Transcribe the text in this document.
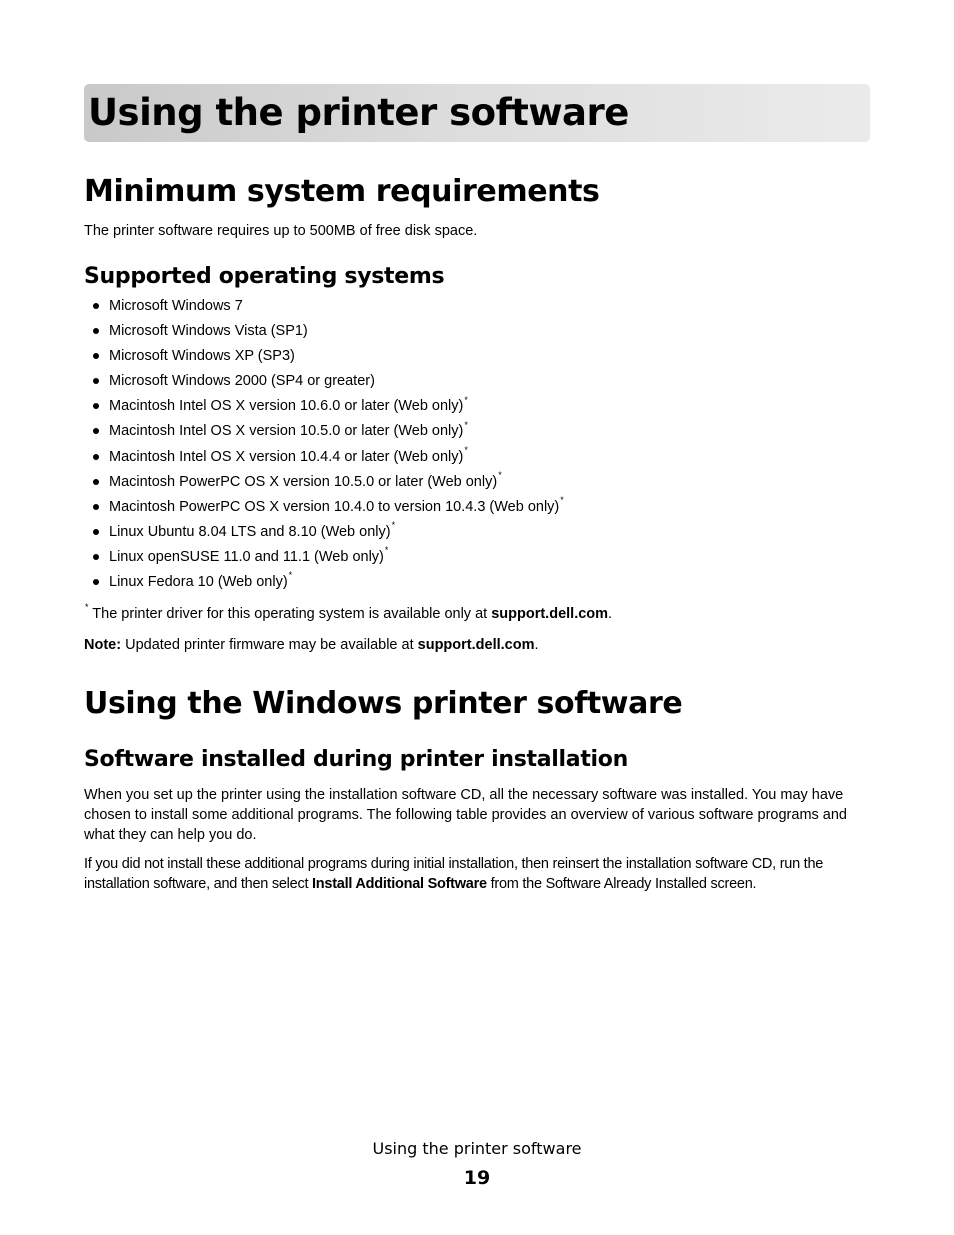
Using the printer software
Minimum system requirements

The printer software requires up to 500MB of free disk space.

Supported operating systems
Microsoft Windows 7
Microsoft Windows Vista (SP1)
Microsoft Windows XP (SP3)
Microsoft Windows 2000 (SP4 or greater)
Macintosh Intel OS X version 10.6.0 or later (Web only)*
Macintosh Intel OS X version 10.5.0 or later (Web only)*
Macintosh Intel OS X version 10.4.4 or later (Web only)*
Macintosh PowerPC OS X version 10.5.0 or later (Web only)*
Macintosh PowerPC OS X version 10.4.0 to version 10.4.3 (Web only)*
Linux Ubuntu 8.04 LTS and 8.10 (Web only)*
Linux openSUSE 11.0 and 11.1 (Web only)*
Linux Fedora 10 (Web only)*

* The printer driver for this operating system is available only at support.dell.com.

Note: Updated printer firmware may be available at support.dell.com.

Using the Windows printer software
Software installed during printer installation

When you set up the printer using the installation software CD, all the necessary software was installed. You may have chosen to install some additional programs. The following table provides an overview of various software programs and what they can help you do.

If you did not install these additional programs during initial installation, then reinsert the installation software CD, run the installation software, and then select Install Additional Software from the Software Already Installed screen.

Using the printer software

19
